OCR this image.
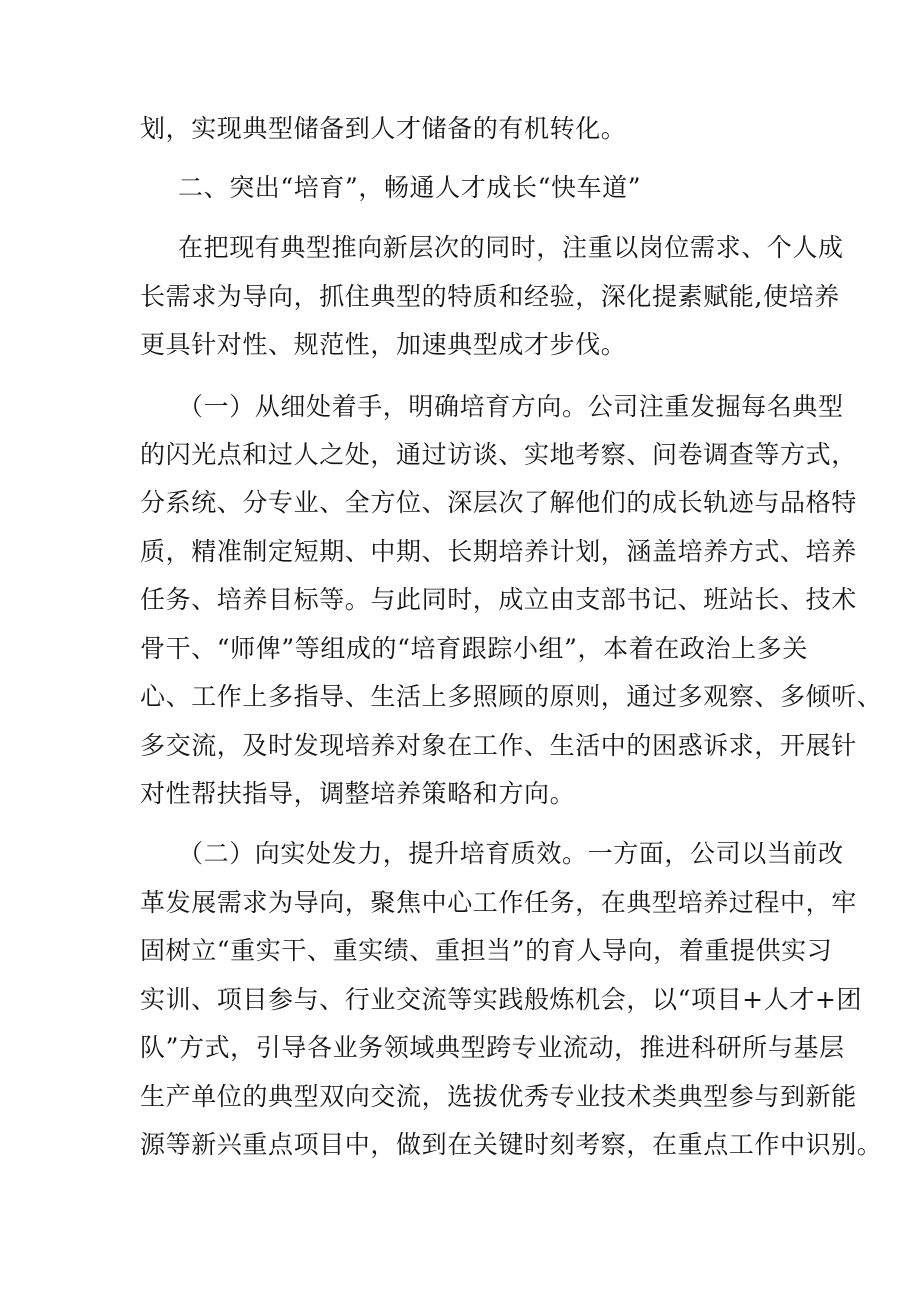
划，实现典型储备到人才储备的有机转化。

二、突出“培育”，畅通人才成长“快车道”

在把现有典型推向新层次的同时，注重以岗位需求、个人成

长需求为导向，抓住典型的特质和经验，深化提素赋能,使培养

更具针对性、规范性，加速典型成才步伐。

（一）从细处着手，明确培育方向。公司注重发掘每名典型

的闪光点和过人之处，通过访谈、实地考察、问卷调查等方式，

分系统、分专业、全方位、深层次了解他们的成长轨迹与品格特

质，精准制定短期、中期、长期培养计划，涵盖培养方式、培养

任务、培养目标等。与此同时，成立由支部书记、班站长、技术

骨干、“师俾”等组成的“培育跟踪小组”，本着在政治上多关

心、工作上多指导、生活上多照顾的原则，通过多观察、多倾听、

多交流，及时发现培养对象在工作、生活中的困惑诉求，开展针

对性帮扶指导，调整培养策略和方向。

（二）向实处发力，提升培育质效。一方面，公司以当前改

革发展需求为导向，聚焦中心工作任务，在典型培养过程中，牢

固树立“重实干、重实绩、重担当”的育人导向，着重提供实习

实训、项目参与、行业交流等实践般炼机会，以“项目+人才+团

队”方式，引导各业务领域典型跨专业流动，推进科研所与基层

生产单位的典型双向交流，选拔优秀专业技术类典型参与到新能

源等新兴重点项目中，做到在关键时刻考察，在重点工作中识别。
